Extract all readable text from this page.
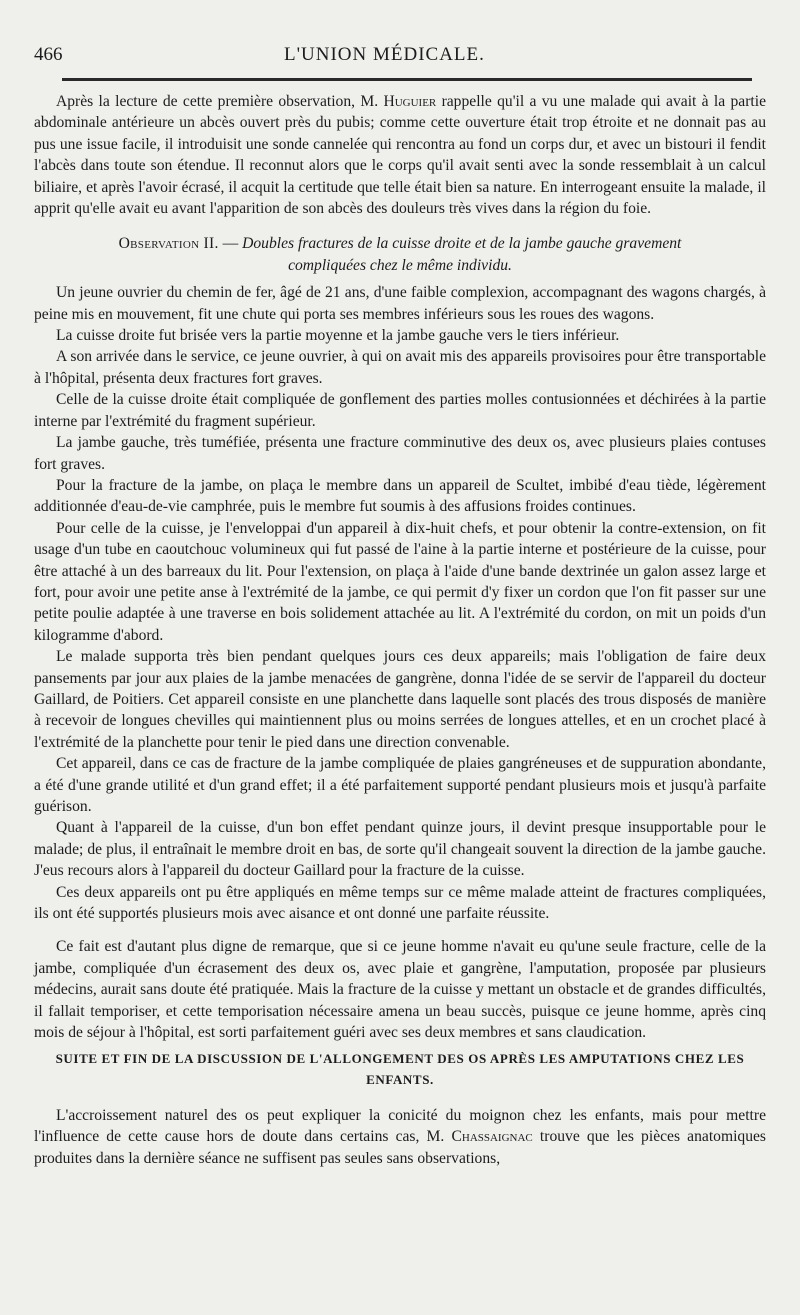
466	L'UNION MÉDICALE.

Après la lecture de cette première observation, M. Huguier rappelle qu'il a vu une malade qui avait à la partie abdominale antérieure un abcès ouvert près du pubis; comme cette ouverture était trop étroite et ne donnait pas au pus une issue facile, il introduisit une sonde cannelée qui rencontra au fond un corps dur, et avec un bistouri il fendit l'abcès dans toute son étendue. Il reconnut alors que le corps qu'il avait senti avec la sonde ressemblait à un calcul biliaire, et après l'avoir écrasé, il acquit la certitude que telle était bien sa nature. En interrogeant ensuite la malade, il apprit qu'elle avait eu avant l'apparition de son abcès des douleurs très vives dans la région du foie.

Observation II. — Doubles fractures de la cuisse droite et de la jambe gauche gravement
compliquées chez le même individu.

Un jeune ouvrier du chemin de fer, âgé de 21 ans, d'une faible complexion, accompagnant des wagons chargés, à peine mis en mouvement, fit une chute qui porta ses membres inférieurs sous les roues des wagons.

La cuisse droite fut brisée vers la partie moyenne et la jambe gauche vers le tiers inférieur.

A son arrivée dans le service, ce jeune ouvrier, à qui on avait mis des appareils provisoires pour être transportable à l'hôpital, présenta deux fractures fort graves.

Celle de la cuisse droite était compliquée de gonflement des parties molles contusionnées et déchirées à la partie interne par l'extrémité du fragment supérieur.

La jambe gauche, très tuméfiée, présenta une fracture comminutive des deux os, avec plusieurs plaies contuses fort graves.

Pour la fracture de la jambe, on plaça le membre dans un appareil de Scultet, imbibé d'eau tiède, légèrement additionnée d'eau-de-vie camphrée, puis le membre fut soumis à des affusions froides continues.

Pour celle de la cuisse, je l'enveloppai d'un appareil à dix-huit chefs, et pour obtenir la contre-extension, on fit usage d'un tube en caoutchouc volumineux qui fut passé de l'aine à la partie interne et postérieure de la cuisse, pour être attaché à un des barreaux du lit. Pour l'extension, on plaça à l'aide d'une bande dextrinée un galon assez large et fort, pour avoir une petite anse à l'extrémité de la jambe, ce qui permit d'y fixer un cordon que l'on fit passer sur une petite poulie adaptée à une traverse en bois solidement attachée au lit. A l'extrémité du cordon, on mit un poids d'un kilogramme d'abord.

Le malade supporta très bien pendant quelques jours ces deux appareils; mais l'obligation de faire deux pansements par jour aux plaies de la jambe menacées de gangrène, donna l'idée de se servir de l'appareil du docteur Gaillard, de Poitiers. Cet appareil consiste en une planchette dans laquelle sont placés des trous disposés de manière à recevoir de longues chevilles qui maintiennent plus ou moins serrées de longues attelles, et en un crochet placé à l'extrémité de la planchette pour tenir le pied dans une direction convenable.

Cet appareil, dans ce cas de fracture de la jambe compliquée de plaies gangréneuses et de suppuration abondante, a été d'une grande utilité et d'un grand effet; il a été parfaitement supporté pendant plusieurs mois et jusqu'à parfaite guérison.

Quant à l'appareil de la cuisse, d'un bon effet pendant quinze jours, il devint presque insupportable pour le malade; de plus, il entraînait le membre droit en bas, de sorte qu'il changeait souvent la direction de la jambe gauche. J'eus recours alors à l'appareil du docteur Gaillard pour la fracture de la cuisse.

Ces deux appareils ont pu être appliqués en même temps sur ce même malade atteint de fractures compliquées, ils ont été supportés plusieurs mois avec aisance et ont donné une parfaite réussite.

Ce fait est d'autant plus digne de remarque, que si ce jeune homme n'avait eu qu'une seule fracture, celle de la jambe, compliquée d'un écrasement des deux os, avec plaie et gangrène, l'amputation, proposée par plusieurs médecins, aurait sans doute été pratiquée. Mais la fracture de la cuisse y mettant un obstacle et de grandes difficultés, il fallait temporiser, et cette temporisation nécessaire amena un beau succès, puisque ce jeune homme, après cinq mois de séjour à l'hôpital, est sorti parfaitement guéri avec ses deux membres et sans claudication.

SUITE ET FIN DE LA DISCUSSION DE L'ALLONGEMENT DES OS APRÈS LES AMPUTATIONS CHEZ LES
ENFANTS.

L'accroissement naturel des os peut expliquer la conicité du moignon chez les enfants, mais pour mettre l'influence de cette cause hors de doute dans certains cas, M. Chassaignac trouve que les pièces anatomiques produites dans la dernière séance ne suffisent pas seules sans observations,
